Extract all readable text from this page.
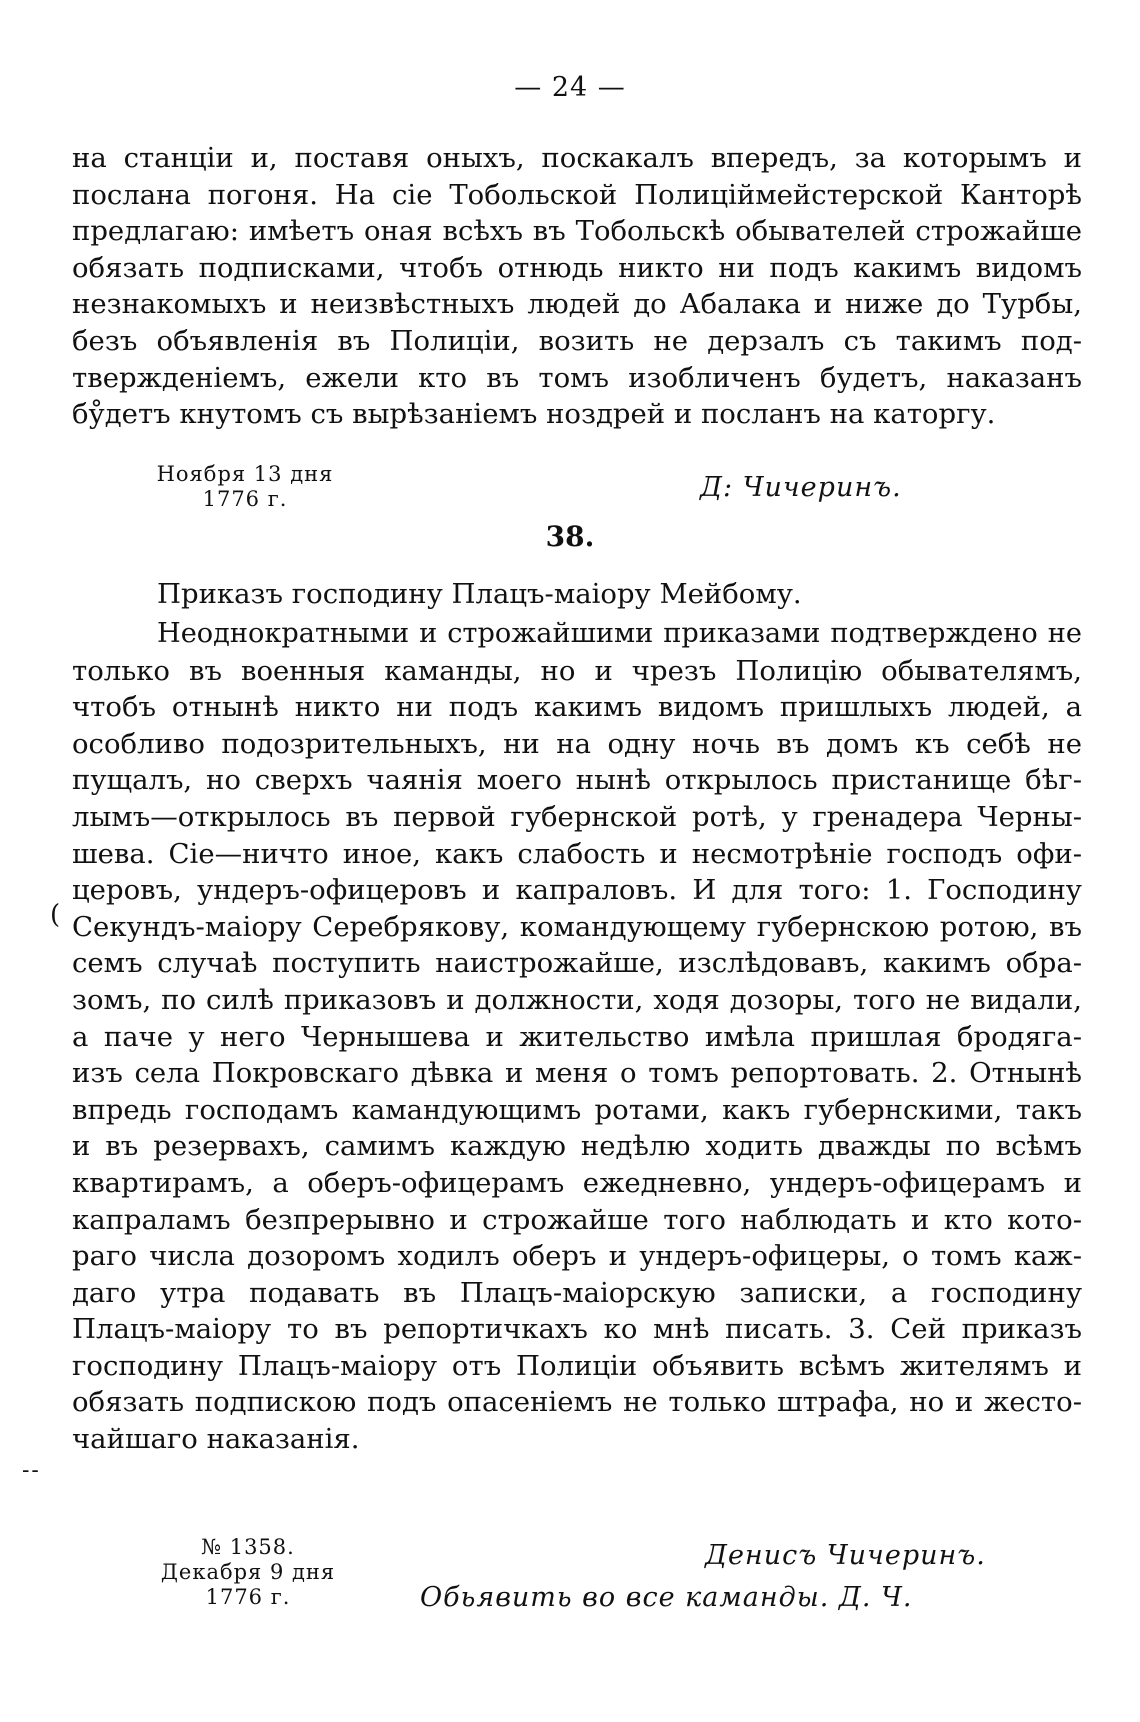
— 24 —
на станціи и, поставя оныхъ, поскакалъ впередъ, за которымъ и
послана погоня. На сіе Тобольской Полицiймейстерской Канторѣ
предлагаю: имѣетъ оная всѣхъ въ Тобольскѣ обывателей строжайше
обязать подписками, чтобъ отнюдь никто ни подъ какимъ видомъ
незнакомыхъ и неизвѣстныхъ людей до Абалака и ниже до Турбы,
безъ объявленія въ Полиціи, возить не дерзалъ съ такимъ под-
твержденіемъ, ежели кто въ томъ изобличенъ будетъ, наказанъ
бу̊детъ кнутомъ съ вырѣзаніемъ ноздрей и посланъ на каторгу.
Ноября 13 дня
1776 г.	Д: Чичеринъ.
38.
Приказъ господину Плацъ-маіору Мейбому.
Неоднократными и строжайшими приказами подтверждено не
только въ военныя каманды, но и чрезъ Полицію обывателямъ,
чтобъ отнынѣ никто ни подъ какимъ видомъ пришлыхъ людей, а
особливо подозрительныхъ, ни на одну ночь въ домъ къ себѣ не
пущалъ, но сверхъ чаянія моего нынѣ открылось пристанище бѣг-
лымъ—открылось въ первой губернской ротѣ, у гренадера Черны-
шева. Сіе—ничто иное, какъ слабость и несмотрѣніе господъ офи-
церовъ, ундеръ-офицеровъ и капраловъ. И для того: 1. Господину
Секундъ-маіору Серебрякову, командующему губернскою ротою, въ
семъ случаѣ поступить наистрожайше, изслѣдовавъ, какимъ обра-
зомъ, по силѣ приказовъ и должности, ходя дозоры, того не видали,
а паче у него Чернышева и жительство имѣла пришлая бродяга-
изъ села Покровскаго дѣвка и меня о томъ репортовать. 2. Отнынѣ
впредь господамъ камандующимъ ротами, какъ губернскими, такъ
и въ резервахъ, самимъ каждую недѣлю ходить дважды по всѣмъ
квартирамъ, а оберъ-офицерамъ ежедневно, ундеръ-офицерамъ и
капраламъ безпрерывно и строжайше того наблюдать и кто кото-
раго числа дозоромъ ходилъ оберъ и ундеръ-офицеры, о томъ каж-
даго утра подавать въ Плацъ-маіорскую записки, а господину
Плацъ-маіору то въ репортичкахъ ко мнѣ писать. 3. Сей приказъ
господину Плацъ-маіору отъ Полиціи объявить всѣмъ жителямъ и
обязать подпискою подъ опасеніемъ не только штрафа, но и жесто-
чайшаго наказанія.
№ 1358.
Декабря 9 дня
1776 г.
Денисъ Чичеринъ.
Обьявить во все каманды. Д. Ч.
(
--
